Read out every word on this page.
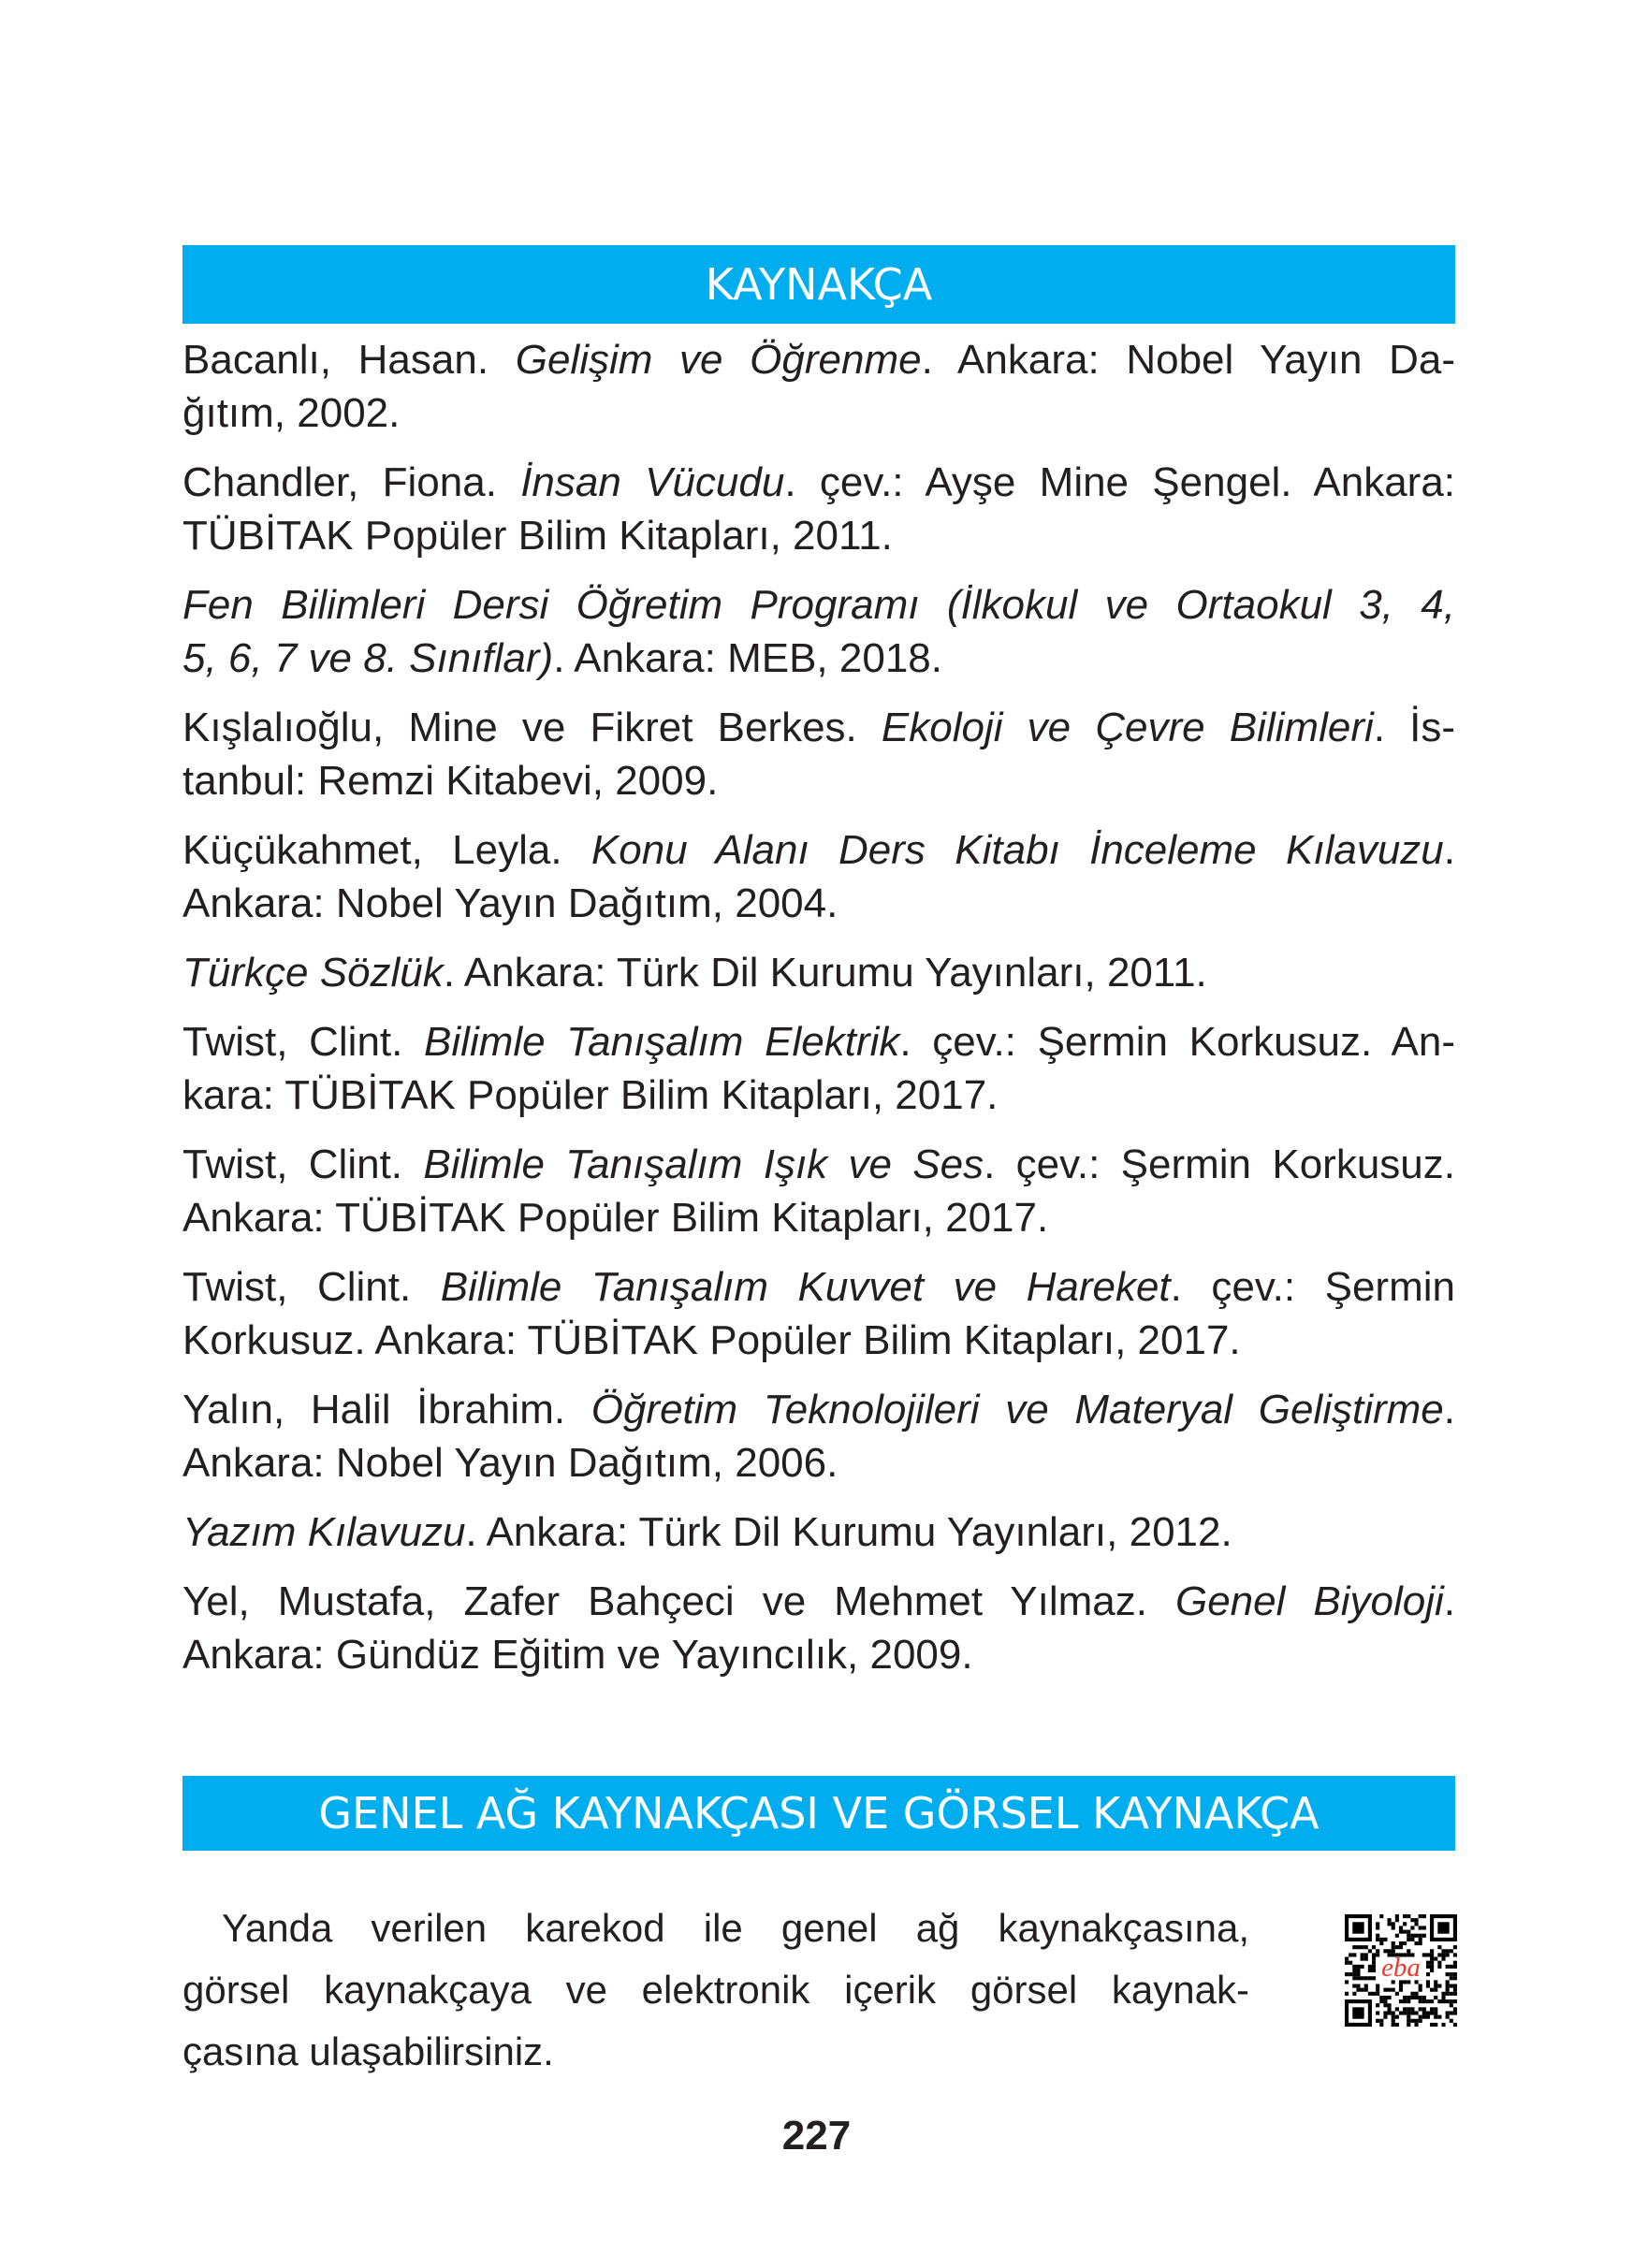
KAYNAKÇA
Bacanlı, Hasan. Gelişim ve Öğrenme. Ankara: Nobel Yayın Da-
ğıtım, 2002.
Chandler, Fiona. İnsan Vücudu. çev.: Ayşe Mine Şengel. Ankara:
TÜBİTAK Popüler Bilim Kitapları, 2011.
Fen Bilimleri Dersi Öğretim Programı (İlkokul ve Ortaokul 3, 4,
5, 6, 7 ve 8. Sınıflar). Ankara: MEB, 2018.
Kışlalıoğlu, Mine ve Fikret Berkes. Ekoloji ve Çevre Bilimleri. İs-
tanbul: Remzi Kitabevi, 2009.
Küçükahmet, Leyla. Konu Alanı Ders Kitabı İnceleme Kılavuzu.
Ankara: Nobel Yayın Dağıtım, 2004.
Türkçe Sözlük. Ankara: Türk Dil Kurumu Yayınları, 2011.
Twist, Clint. Bilimle Tanışalım Elektrik. çev.: Şermin Korkusuz. An-
kara: TÜBİTAK Popüler Bilim Kitapları, 2017.
Twist, Clint. Bilimle Tanışalım Işık ve Ses. çev.: Şermin Korkusuz.
Ankara: TÜBİTAK Popüler Bilim Kitapları, 2017.
Twist, Clint. Bilimle Tanışalım Kuvvet ve Hareket. çev.: Şermin
Korkusuz. Ankara: TÜBİTAK Popüler Bilim Kitapları, 2017.
Yalın, Halil İbrahim. Öğretim Teknolojileri ve Materyal Geliştirme.
Ankara: Nobel Yayın Dağıtım, 2006.
Yazım Kılavuzu. Ankara: Türk Dil Kurumu Yayınları, 2012.
Yel, Mustafa, Zafer Bahçeci ve Mehmet Yılmaz. Genel Biyoloji.
Ankara: Gündüz Eğitim ve Yayıncılık, 2009.
GENEL AĞ KAYNAKÇASI VE GÖRSEL KAYNAKÇA
Yanda verilen karekod ile genel ağ kaynakçasına,
görsel kaynakçaya ve elektronik içerik görsel kaynak-
çasına ulaşabilirsiniz.
eba
227
